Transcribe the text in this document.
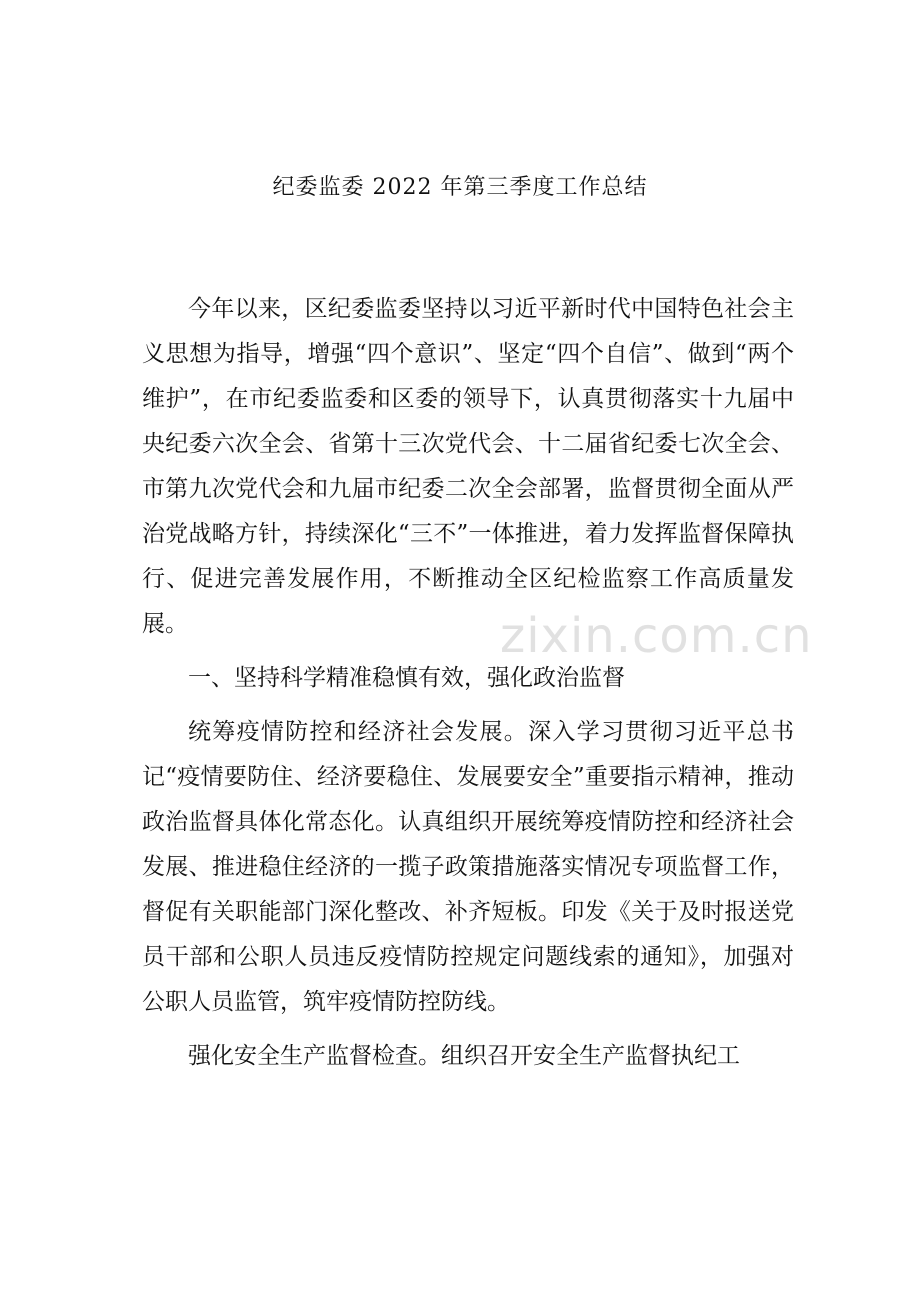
纪委监委 2022 年第三季度工作总结

今年以来，区纪委监委坚持以习近平新时代中国特色社会主义思想为指导，增强“四个意识”、坚定“四个自信”、做到“两个维护”，在市纪委监委和区委的领导下，认真贯彻落实十九届中央纪委六次全会、省第十三次党代会、十二届省纪委七次全会、市第九次党代会和九届市纪委二次全会部署，监督贯彻全面从严治党战略方针，持续深化“三不”一体推进，着力发挥监督保障执行、促进完善发展作用，不断推动全区纪检监察工作高质量发展。

一、坚持科学精准稳慎有效，强化政治监督

统筹疫情防控和经济社会发展。深入学习贯彻习近平总书记“疫情要防住、经济要稳住、发展要安全”重要指示精神，推动政治监督具体化常态化。认真组织开展统筹疫情防控和经济社会发展、推进稳住经济的一揽子政策措施落实情况专项监督工作，督促有关职能部门深化整改、补齐短板。印发《关于及时报送党员干部和公职人员违反疫情防控规定问题线索的通知》，加强对公职人员监管，筑牢疫情防控防线。

强化安全生产监督检查。组织召开安全生产监督执纪工

zixin.com.cn
